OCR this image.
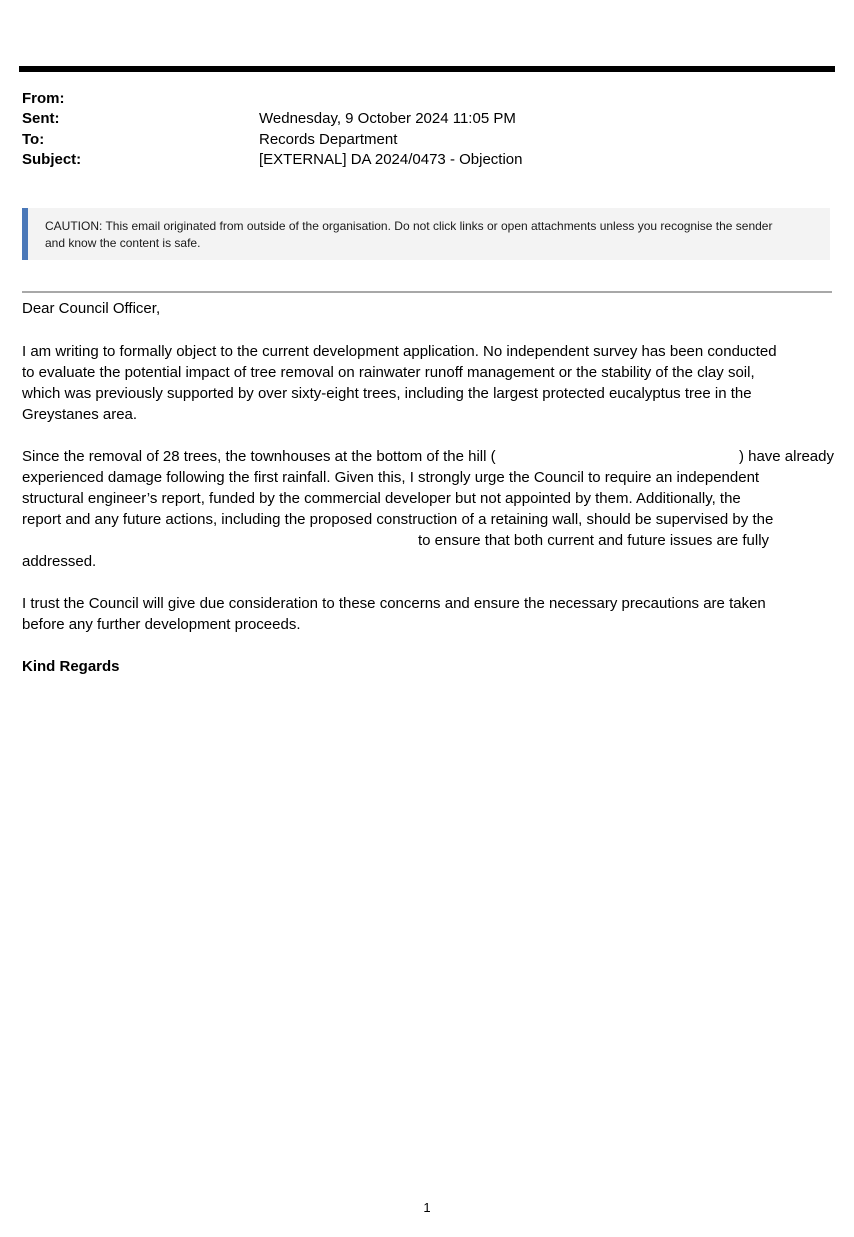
From:
Sent:	Wednesday, 9 October 2024 11:05 PM
To:	Records Department
Subject:	[EXTERNAL] DA 2024/0473 - Objection
CAUTION: This email originated from outside of the organisation. Do not click links or open attachments unless you recognise the sender
and know the content is safe.
Dear Council Officer,
I am writing to formally object to the current development application. No independent survey has been conducted
to evaluate the potential impact of tree removal on rainwater runoff management or the stability of the clay soil,
which was previously supported by over sixty-eight trees, including the largest protected eucalyptus tree in the
Greystanes area.
Since the removal of 28 trees, the townhouses at the bottom of the hill (	) have already
experienced damage following the first rainfall. Given this, I strongly urge the Council to require an independent
structural engineer’s report, funded by the commercial developer but not appointed by them. Additionally, the
report and any future actions, including the proposed construction of a retaining wall, should be supervised by the
to ensure that both current and future issues are fully
addressed.
I trust the Council will give due consideration to these concerns and ensure the necessary precautions are taken
before any further development proceeds.
Kind Regards
1
